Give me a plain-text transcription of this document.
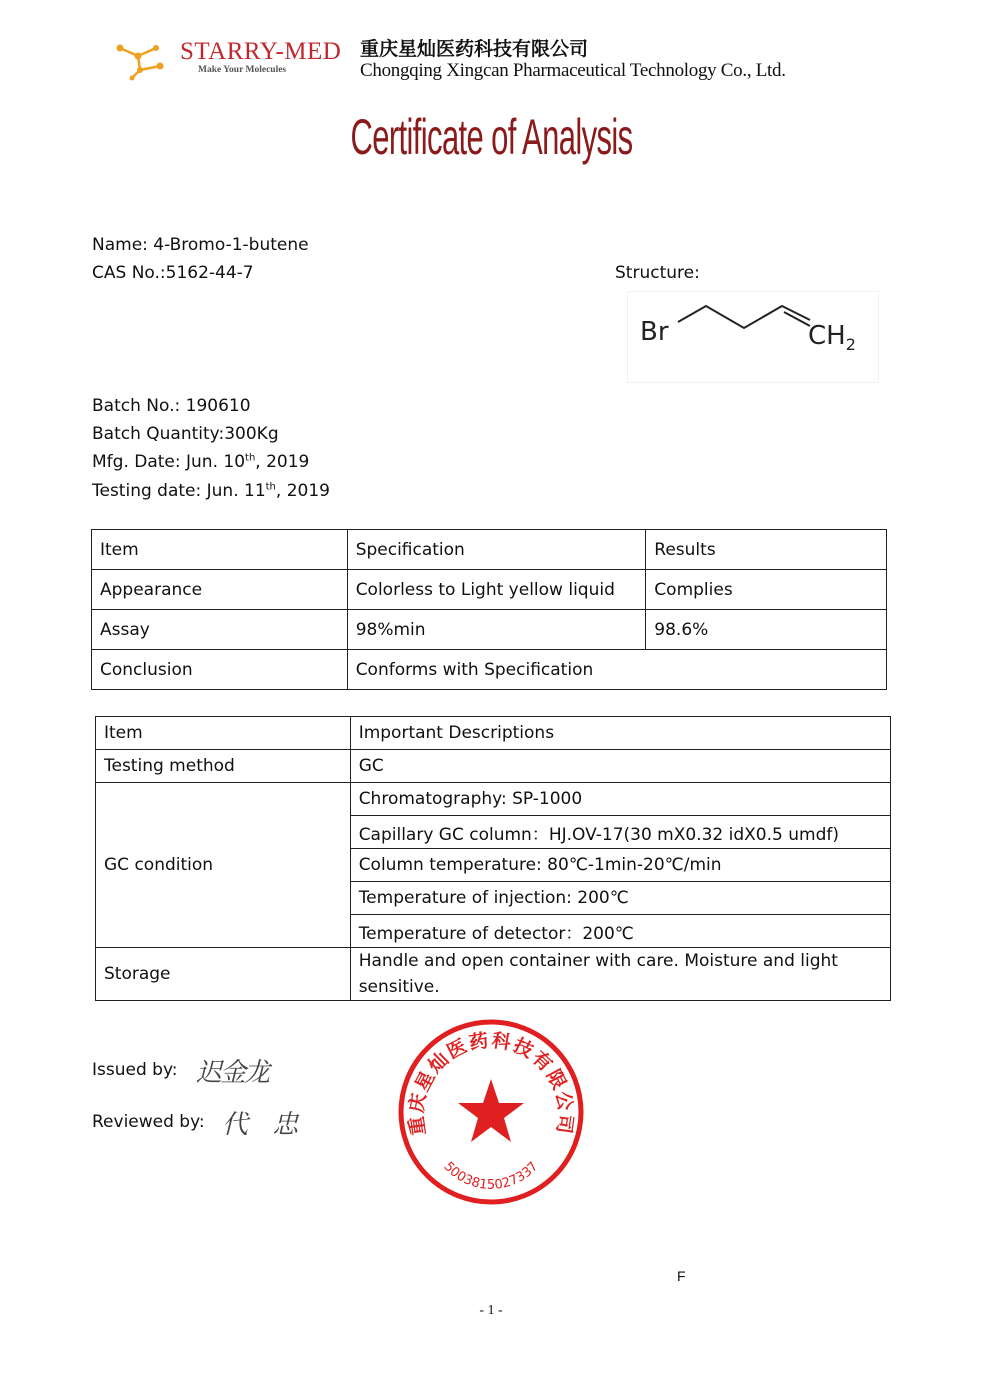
STARRY-MED
Make Your Molecules
重庆星灿医药科技有限公司
Chongqing Xingcan Pharmaceutical Technology Co., Ltd.
Certificate of Analysis
Name: 4-Bromo-1-butene
CAS No.:5162-44-7	Structure:
Br	$CH_2$
Batch No.: 190610
Batch Quantity:300Kg
Mfg. Date: Jun. 10th, 2019
Testing date: Jun. 11th, 2019
Item	Specification	Results
Appearance	Colorless to Light yellow liquid	Complies
Assay	98%min	98.6%
Conclusion	Conforms with Specification	
Item	Important Descriptions
Testing method	GC
GC condition	Chromatography: SP-1000
	Capillary GC column：HJ.OV-17(30 mX0.32 idX0.5 umdf)
	Column temperature: 80℃-1min-20℃/min
	Temperature of injection: 200℃
	Temperature of detector：200℃
Storage	Handle and open container with care. Moisture and light sensitive.
Issued by: 迟金龙
Reviewed by: 代 忠	重庆星灿医药科技有限公司
5003815027337
F
- 1 -
